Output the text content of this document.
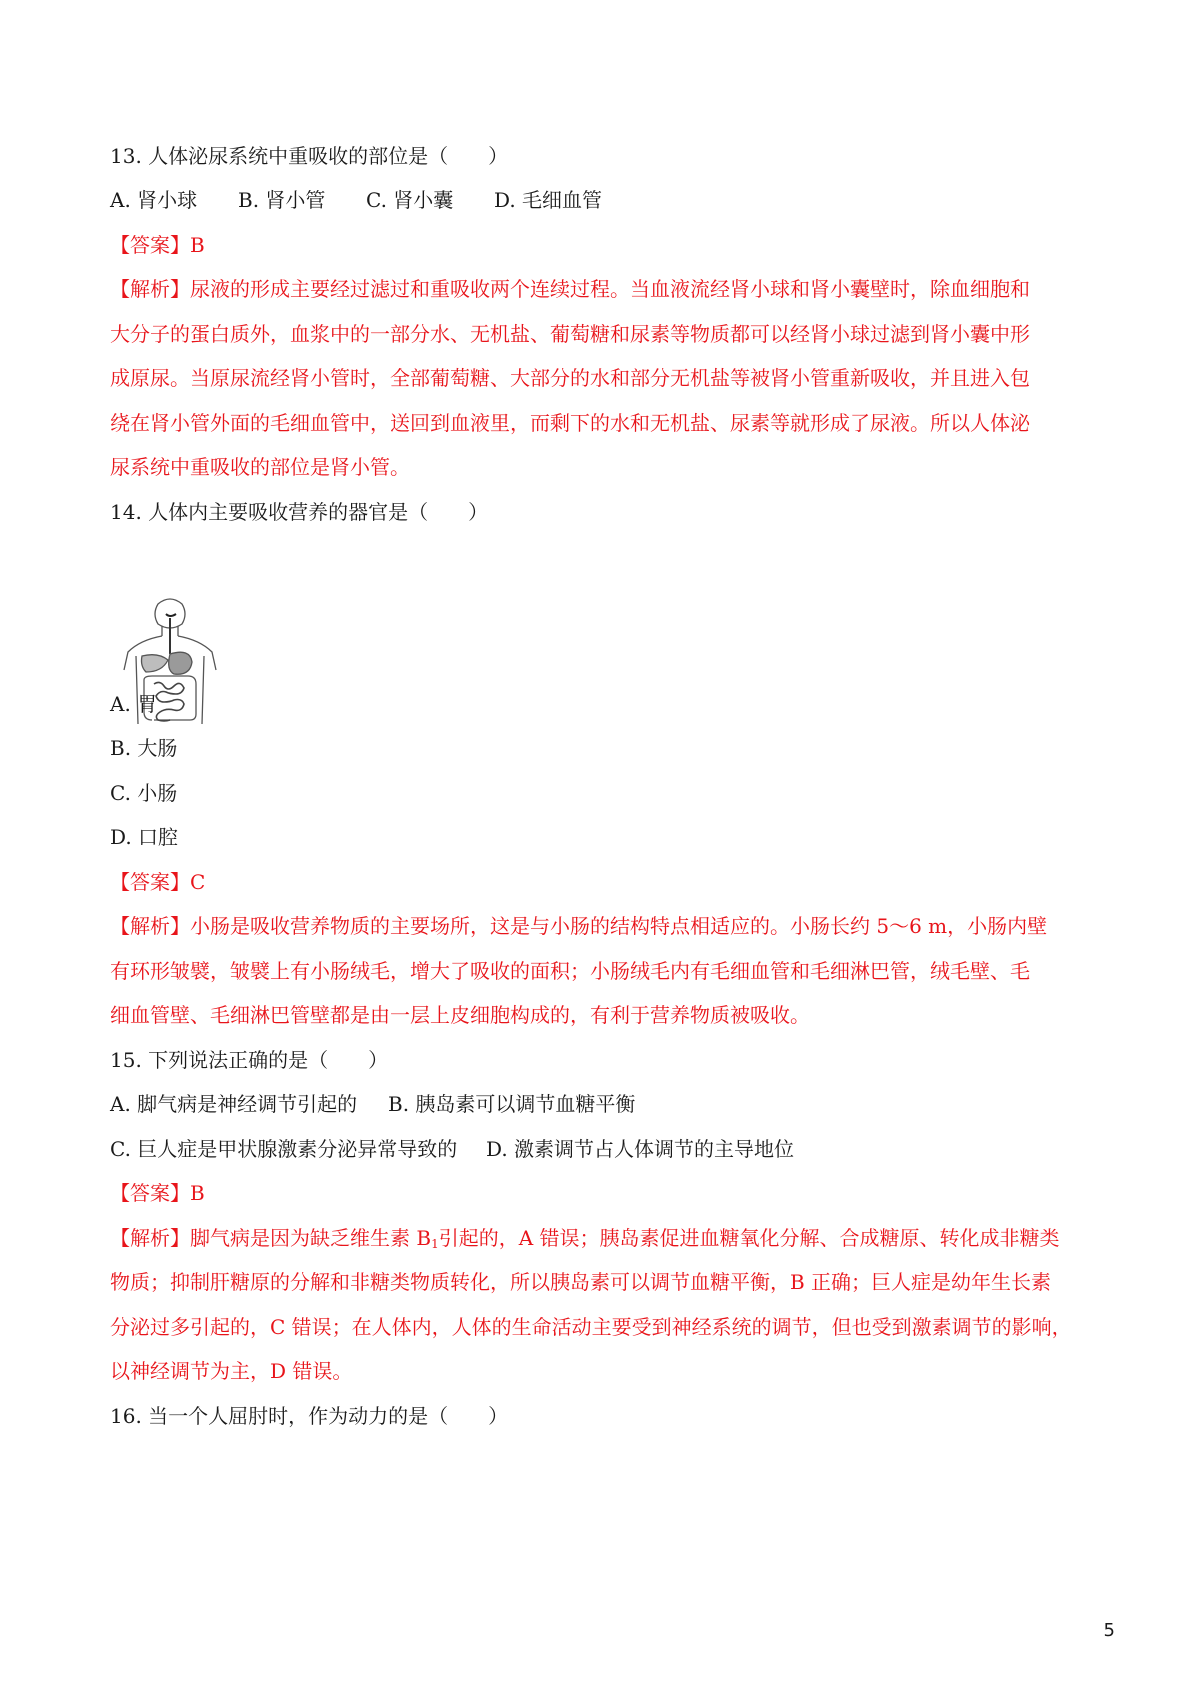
13. 人体泌尿系统中重吸收的部位是（　　）
A. 肾小球 B. 肾小管 C. 肾小囊 D. 毛细血管
【答案】B
【解析】尿液的形成主要经过滤过和重吸收两个连续过程。当血液流经肾小球和肾小囊壁时，除血细胞和
大分子的蛋白质外，血浆中的一部分水、无机盐、葡萄糖和尿素等物质都可以经肾小球过滤到肾小囊中形
成原尿。当原尿流经肾小管时，全部葡萄糖、大部分的水和部分无机盐等被肾小管重新吸收，并且进入包
绕在肾小管外面的毛细血管中，送回到血液里，而剩下的水和无机盐、尿素等就形成了尿液。所以人体泌
尿系统中重吸收的部位是肾小管。
14. 人体内主要吸收营养的器官是（　　）
A. 胃
B. 大肠
C. 小肠
D. 口腔
【答案】C
【解析】小肠是吸收营养物质的主要场所，这是与小肠的结构特点相适应的。小肠长约 5～6 m，小肠内壁
有环形皱襞，皱襞上有小肠绒毛，增大了吸收的面积；小肠绒毛内有毛细血管和毛细淋巴管，绒毛壁、毛
细血管壁、毛细淋巴管壁都是由一层上皮细胞构成的，有利于营养物质被吸收。
15. 下列说法正确的是（　　）
A. 脚气病是神经调节引起的 B. 胰岛素可以调节血糖平衡
C. 巨人症是甲状腺激素分泌异常导致的 D. 激素调节占人体调节的主导地位
【答案】B
【解析】脚气病是因为缺乏维生素 $B_1$引起的，A 错误；胰岛素促进血糖氧化分解、合成糖原、转化成非糖类
物质；抑制肝糖原的分解和非糖类物质转化，所以胰岛素可以调节血糖平衡，B 正确；巨人症是幼年生长素
分泌过多引起的，C 错误；在人体内，人体的生命活动主要受到神经系统的调节，但也受到激素调节的影响，
以神经调节为主，D 错误。
16. 当一个人屈肘时，作为动力的是（　　）
5
